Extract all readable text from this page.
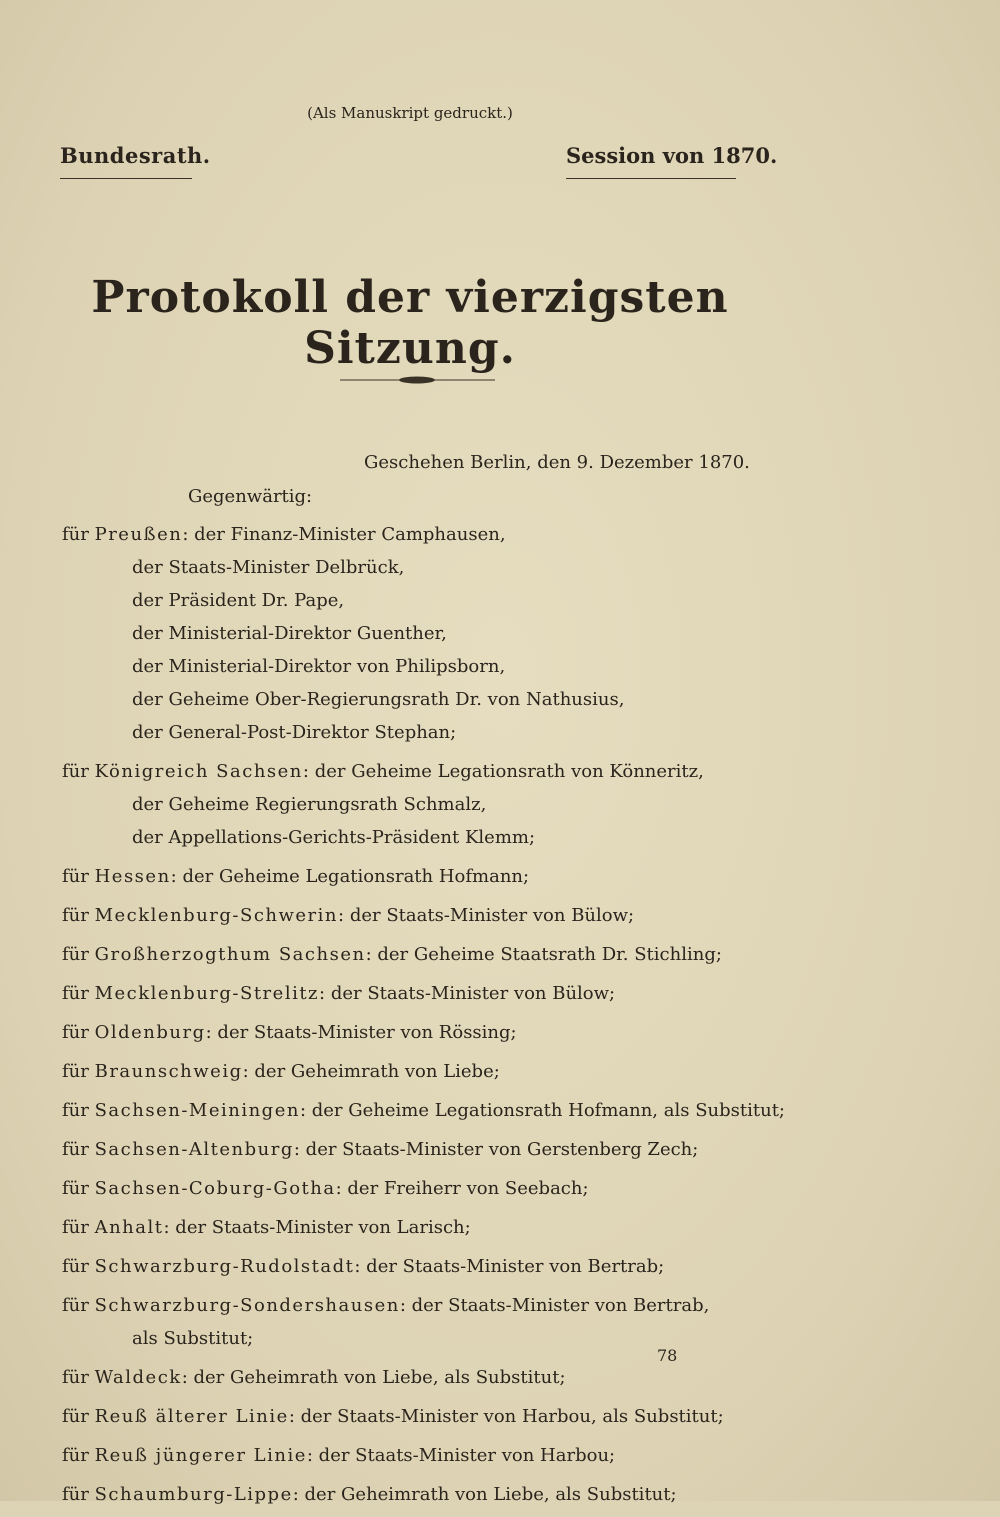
(Als Manuskript gedruckt.)
Bundesrath.	Session von 1870.
Protokoll der vierzigsten Sitzung.
Geschehen Berlin, den 9. Dezember 1870.
Gegenwärtig:
für Preußen: der Finanz-Minister Camphausen,
der Staats-Minister Delbrück,
der Präsident Dr. Pape,
der Ministerial-Direktor Guenther,
der Ministerial-Direktor von Philipsborn,
der Geheime Ober-Regierungsrath Dr. von Nathusius,
der General-Post-Direktor Stephan;
für Königreich Sachsen: der Geheime Legationsrath von Könneritz,
der Geheime Regierungsrath Schmalz,
der Appellations-Gerichts-Präsident Klemm;
für Hessen: der Geheime Legationsrath Hofmann;
für Mecklenburg-Schwerin: der Staats-Minister von Bülow;
für Großherzogthum Sachsen: der Geheime Staatsrath Dr. Stichling;
für Mecklenburg-Strelitz: der Staats-Minister von Bülow;
für Oldenburg: der Staats-Minister von Rössing;
für Braunschweig: der Geheimrath von Liebe;
für Sachsen-Meiningen: der Geheime Legationsrath Hofmann, als Substitut;
für Sachsen-Altenburg: der Staats-Minister von Gerstenberg Zech;
für Sachsen-Coburg-Gotha: der Freiherr von Seebach;
für Anhalt: der Staats-Minister von Larisch;
für Schwarzburg-Rudolstadt: der Staats-Minister von Bertrab;
für Schwarzburg-Sondershausen: der Staats-Minister von Bertrab,
als Substitut;
für Waldeck: der Geheimrath von Liebe, als Substitut;
für Reuß älterer Linie: der Staats-Minister von Harbou, als Substitut;
für Reuß jüngerer Linie: der Staats-Minister von Harbou;
für Schaumburg-Lippe: der Geheimrath von Liebe, als Substitut;
78
